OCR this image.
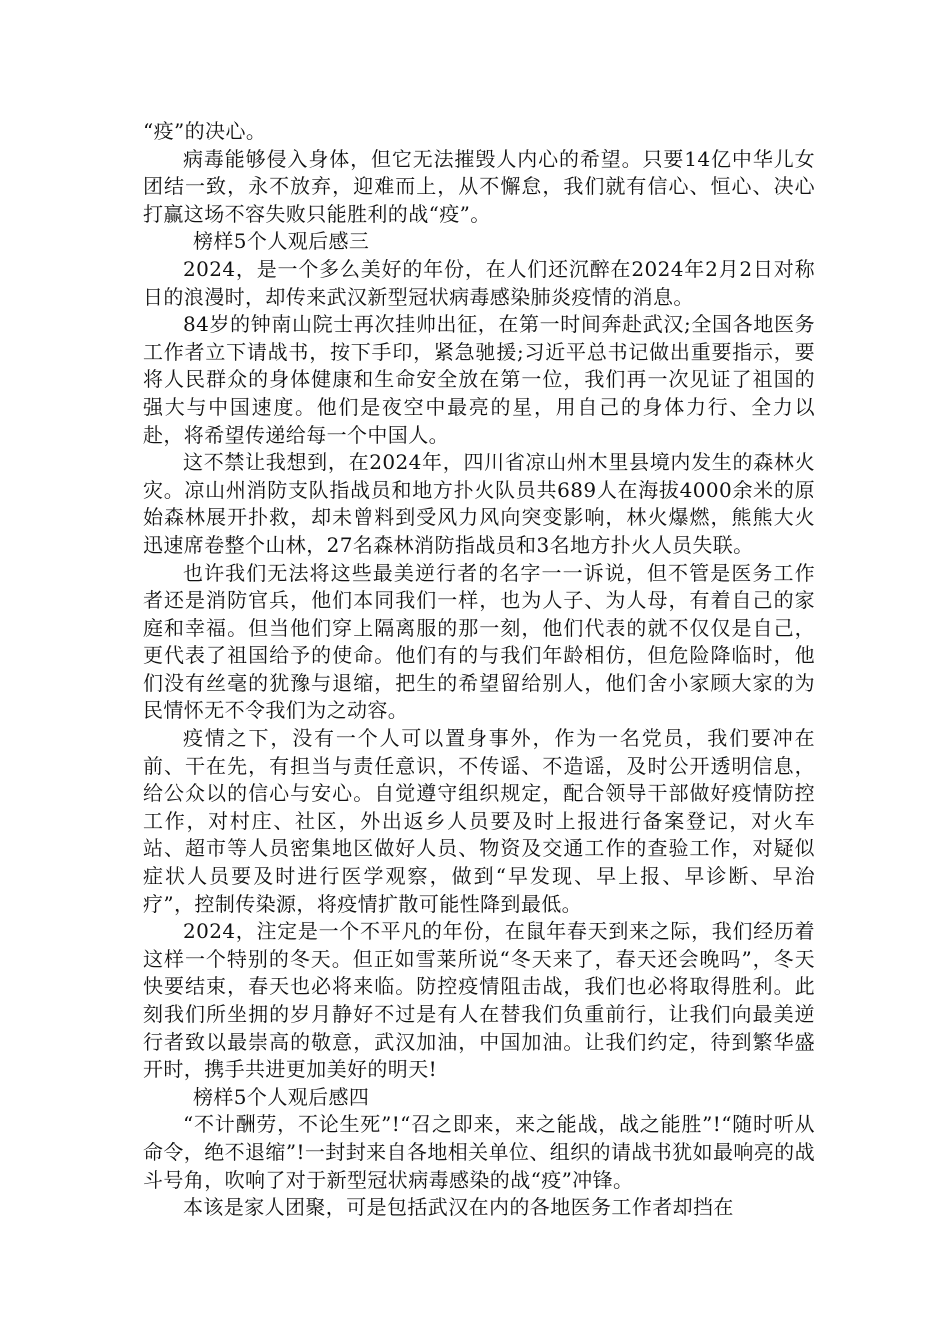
“疫”的决心。

病毒能够侵入身体，但它无法摧毁人内心的希望。只要14亿中华儿女团结一致，永不放弃，迎难而上，从不懈怠，我们就有信心、恒心、决心打赢这场不容失败只能胜利的战“疫”。

榜样5个人观后感三

2024，是一个多么美好的年份，在人们还沉醉在2024年2月2日对称日的浪漫时，却传来武汉新型冠状病毒感染肺炎疫情的消息。

84岁的钟南山院士再次挂帅出征，在第一时间奔赴武汉;全国各地医务工作者立下请战书，按下手印，紧急驰援;习近平总书记做出重要指示，要将人民群众的身体健康和生命安全放在第一位，我们再一次见证了祖国的强大与中国速度。他们是夜空中最亮的星，用自己的身体力行、全力以赴，将希望传递给每一个中国人。

这不禁让我想到，在2024年，四川省凉山州木里县境内发生的森林火灾。凉山州消防支队指战员和地方扑火队员共689人在海拔4000余米的原始森林展开扑救，却未曾料到受风力风向突变影响，林火爆燃，熊熊大火迅速席卷整个山林，27名森林消防指战员和3名地方扑火人员失联。

也许我们无法将这些最美逆行者的名字一一诉说，但不管是医务工作者还是消防官兵，他们本同我们一样，也为人子、为人母，有着自己的家庭和幸福。但当他们穿上隔离服的那一刻，他们代表的就不仅仅是自己，更代表了祖国给予的使命。他们有的与我们年龄相仿，但危险降临时，他们没有丝毫的犹豫与退缩，把生的希望留给别人，他们舍小家顾大家的为民情怀无不令我们为之动容。

疫情之下，没有一个人可以置身事外，作为一名党员，我们要冲在前、干在先，有担当与责任意识，不传谣、不造谣，及时公开透明信息，给公众以的信心与安心。自觉遵守组织规定，配合领导干部做好疫情防控工作，对村庄、社区，外出返乡人员要及时上报进行备案登记，对火车站、超市等人员密集地区做好人员、物资及交通工作的查验工作，对疑似症状人员要及时进行医学观察，做到“早发现、早上报、早诊断、早治疗”，控制传染源，将疫情扩散可能性降到最低。

2024，注定是一个不平凡的年份，在鼠年春天到来之际，我们经历着这样一个特别的冬天。但正如雪莱所说“冬天来了，春天还会晚吗”，冬天快要结束，春天也必将来临。防控疫情阻击战，我们也必将取得胜利。此刻我们所坐拥的岁月静好不过是有人在替我们负重前行，让我们向最美逆行者致以最崇高的敬意，武汉加油，中国加油。让我们约定，待到繁华盛开时，携手共进更加美好的明天!

榜样5个人观后感四

“不计酬劳，不论生死”!“召之即来，来之能战，战之能胜”!“随时听从命令，绝不退缩”!一封封来自各地相关单位、组织的请战书犹如最响亮的战斗号角，吹响了对于新型冠状病毒感染的战“疫”冲锋。

本该是家人团聚，可是包括武汉在内的各地医务工作者却挡在
